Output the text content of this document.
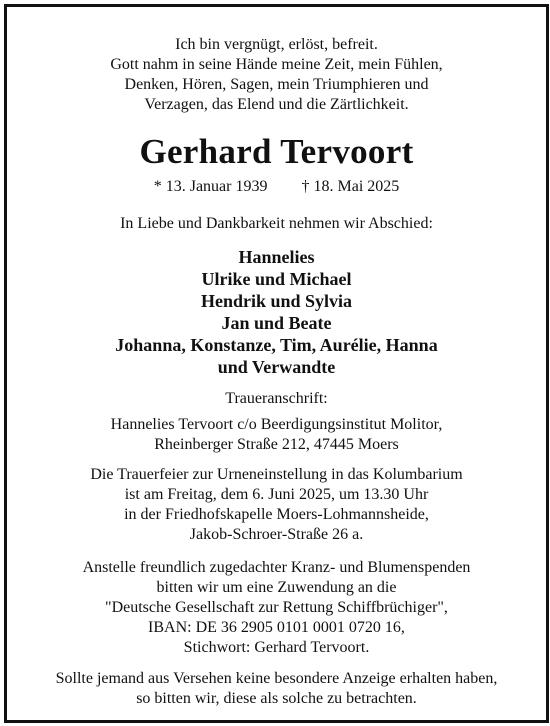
Ich bin vergnügt, erlöst, befreit.
Gott nahm in seine Hände meine Zeit, mein Fühlen,
Denken, Hören, Sagen, mein Triumphieren und
Verzagen, das Elend und die Zärtlichkeit.
Gerhard Tervoort
* 13. Januar 1939 † 18. Mai 2025
In Liebe und Dankbarkeit nehmen wir Abschied:
Hannelies
Ulrike und Michael
Hendrik und Sylvia
Jan und Beate
Johanna, Konstanze, Tim, Aurélie, Hanna
und Verwandte
Traueranschrift:
Hannelies Tervoort c/o Beerdigungsinstitut Molitor,
Rheinberger Straße 212, 47445 Moers
Die Trauerfeier zur Urneneinstellung in das Kolumbarium
ist am Freitag, dem 6. Juni 2025, um 13.30 Uhr
in der Friedhofskapelle Moers-Lohmannsheide,
Jakob-Schroer-Straße 26 a.
Anstelle freundlich zugedachter Kranz- und Blumenspenden
bitten wir um eine Zuwendung an die
"Deutsche Gesellschaft zur Rettung Schiffbrüchiger",
IBAN: DE 36 2905 0101 0001 0720 16,
Stichwort: Gerhard Tervoort.
Sollte jemand aus Versehen keine besondere Anzeige erhalten haben,
so bitten wir, diese als solche zu betrachten.
